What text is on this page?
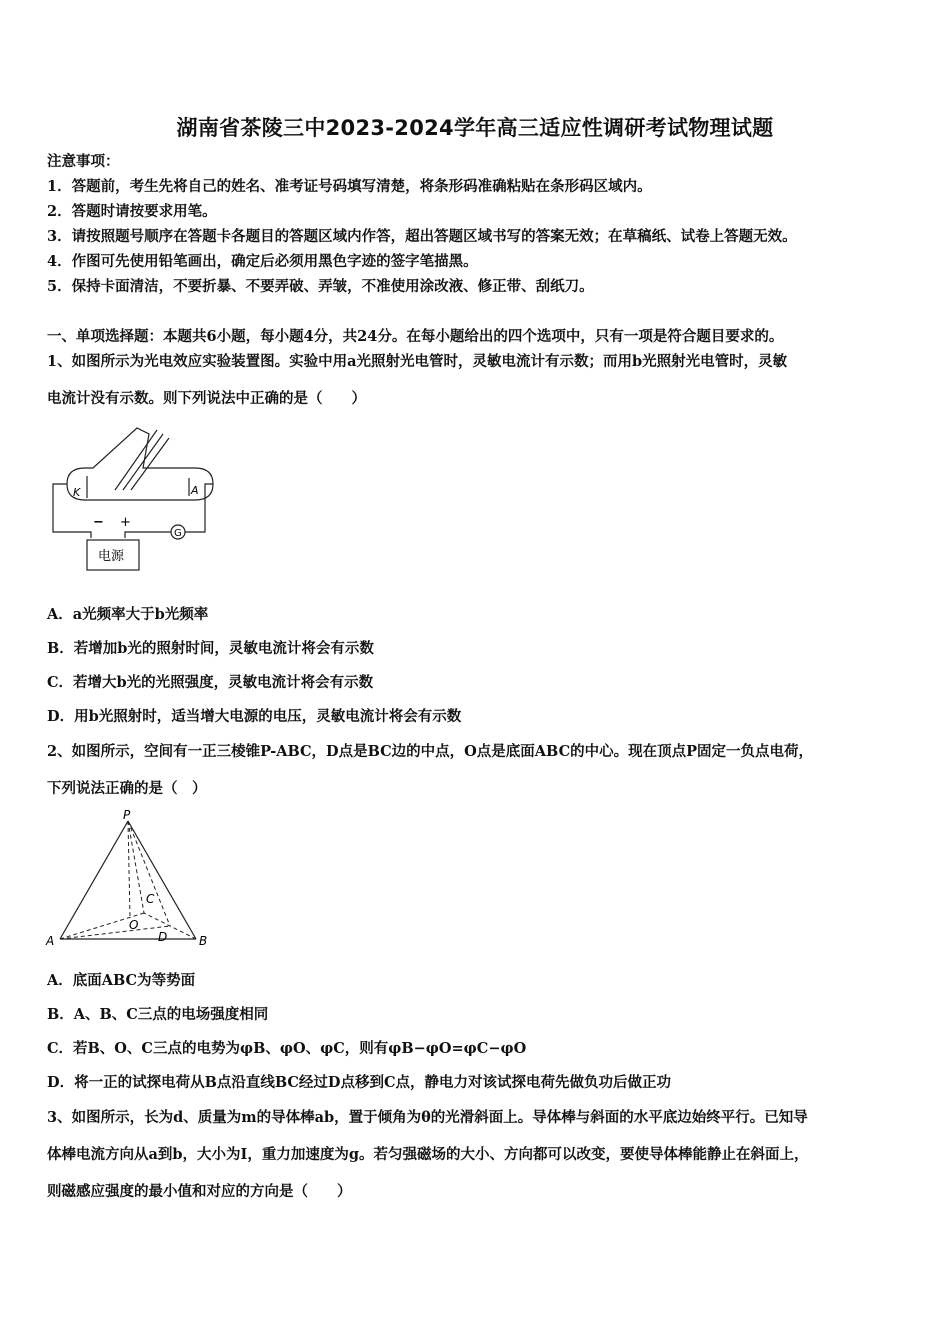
湖南省茶陵三中2023-2024学年高三适应性调研考试物理试题
注意事项：
1．答题前，考生先将自己的姓名、准考证号码填写清楚，将条形码准确粘贴在条形码区域内。
2．答题时请按要求用笔。
3．请按照题号顺序在答题卡各题目的答题区域内作答，超出答题区域书写的答案无效；在草稿纸、试卷上答题无效。
4．作图可先使用铅笔画出，确定后必须用黑色字迹的签字笔描黑。
5．保持卡面清洁，不要折暴、不要弄破、弄皱，不准使用涂改液、修正带、刮纸刀。
一、单项选择题：本题共6小题，每小题4分，共24分。在每小题给出的四个选项中，只有一项是符合题目要求的。
1、如图所示为光电效应实验装置图。实验中用a光照射光电管时，灵敏电流计有示数；而用b光照射光电管时，灵敏
电流计没有示数。则下列说法中正确的是（　　）
K	A
− +
G
电源
A．a光频率大于b光频率
B．若增加b光的照射时间，灵敏电流计将会有示数
C．若增大b光的光照强度，灵敏电流计将会有示数
D．用b光照射时，适当增大电源的电压，灵敏电流计将会有示数
2、如图所示，空间有一正三棱锥P-ABC，D点是BC边的中点，O点是底面ABC的中心。现在顶点P固定一负点电荷，
下列说法正确的是（　）
P
A	B
C
O
D
A．底面ABC为等势面
B．A、B、C三点的电场强度相同
C．若B、O、C三点的电势为φB、φO、φC，则有φB−φO=φC−φO
D．将一正的试探电荷从B点沿直线BC经过D点移到C点，静电力对该试探电荷先做负功后做正功
3、如图所示，长为d、质量为m的导体棒ab，置于倾角为θ的光滑斜面上。导体棒与斜面的水平底边始终平行。已知导
体棒电流方向从a到b，大小为I，重力加速度为g。若匀强磁场的大小、方向都可以改变，要使导体棒能静止在斜面上，
则磁感应强度的最小值和对应的方向是（　　）
